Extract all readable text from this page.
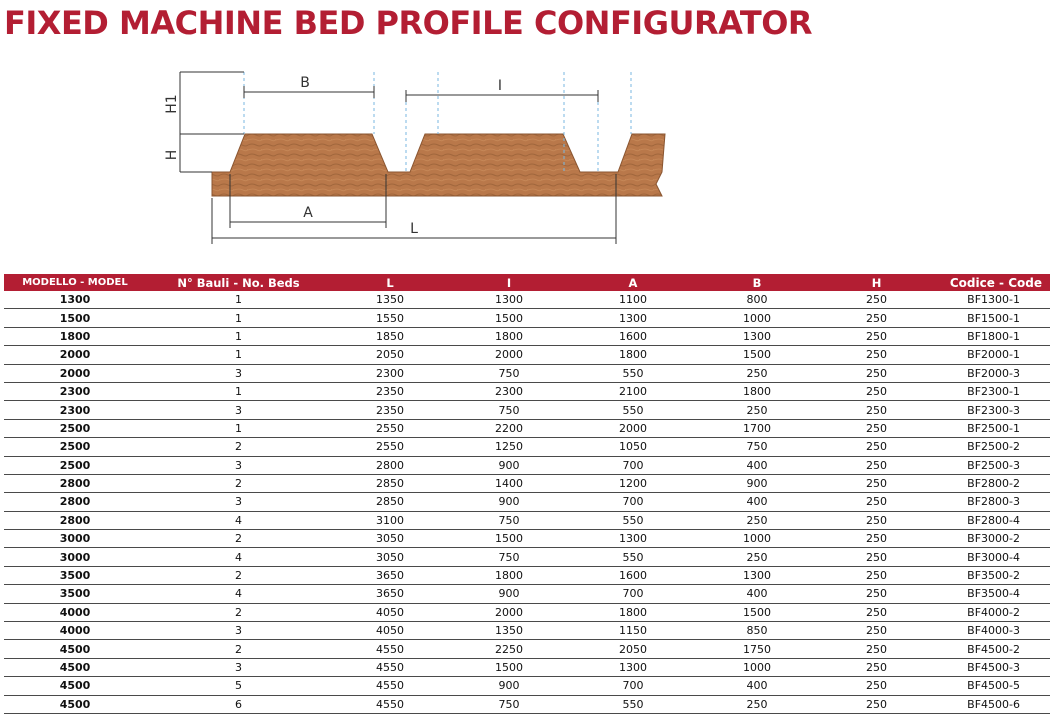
FIXED MACHINE BED PROFILE CONFIGURATOR
B	I
A
L
H1
H
MODELLO - MODEL	N° Bauli - No. Beds	L	I	A	B	H	Codice - Code
1300	1	1350	1300	1100	800	250	BF1300-1
1500	1	1550	1500	1300	1000	250	BF1500-1
1800	1	1850	1800	1600	1300	250	BF1800-1
2000	1	2050	2000	1800	1500	250	BF2000-1
2000	3	2300	750	550	250	250	BF2000-3
2300	1	2350	2300	2100	1800	250	BF2300-1
2300	3	2350	750	550	250	250	BF2300-3
2500	1	2550	2200	2000	1700	250	BF2500-1
2500	2	2550	1250	1050	750	250	BF2500-2
2500	3	2800	900	700	400	250	BF2500-3
2800	2	2850	1400	1200	900	250	BF2800-2
2800	3	2850	900	700	400	250	BF2800-3
2800	4	3100	750	550	250	250	BF2800-4
3000	2	3050	1500	1300	1000	250	BF3000-2
3000	4	3050	750	550	250	250	BF3000-4
3500	2	3650	1800	1600	1300	250	BF3500-2
3500	4	3650	900	700	400	250	BF3500-4
4000	2	4050	2000	1800	1500	250	BF4000-2
4000	3	4050	1350	1150	850	250	BF4000-3
4500	2	4550	2250	2050	1750	250	BF4500-2
4500	3	4550	1500	1300	1000	250	BF4500-3
4500	5	4550	900	700	400	250	BF4500-5
4500	6	4550	750	550	250	250	BF4500-6
